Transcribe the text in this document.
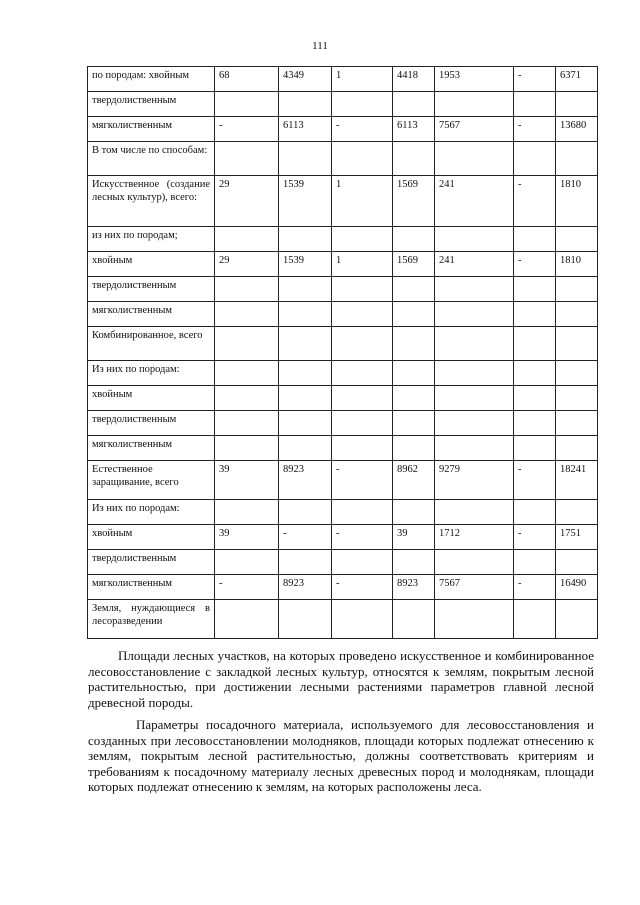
111
по породам: хвойным	68	4349	1	4418	1953	-	6371
твердолиственным							
мягколиственным	-	6113	-	6113	7567	-	13680
В том числе по способам:							
Искусственное (создание лесных культур), всего:	29	1539	1	1569	241	-	1810
из них по породам;							
хвойным	29	1539	1	1569	241	-	1810
твердолиственным							
мягколиственным							
Комбинированное, всего							
Из них по породам:							
хвойным							
твердолиственным							
мягколиственным							
Естественное заращивание, всего	39	8923	-	8962	9279	-	18241
Из них по породам:							
хвойным	39	-	-	39	1712	-	1751
твердолиственным							
мягколиственным	-	8923	-	8923	7567	-	16490
Земля, нуждающиеся в лесоразведении							
Площади лесных участков, на которых проведено искусственное и комбинированное лесовосстановление с закладкой лесных культур, относятся к землям, покрытым лесной растительностью, при достижении лесными растениями параметров главной лесной древесной породы.
Параметры посадочного материала, используемого для лесовосстановления и созданных при лесовосстановлении молодняков, площади которых подлежат отнесению к землям, покрытым лесной растительностью, должны соответствовать критериям и требованиям к посадочному материалу лесных древесных пород и молоднякам, площади которых подлежат отнесению к землям, на которых расположены леса.
